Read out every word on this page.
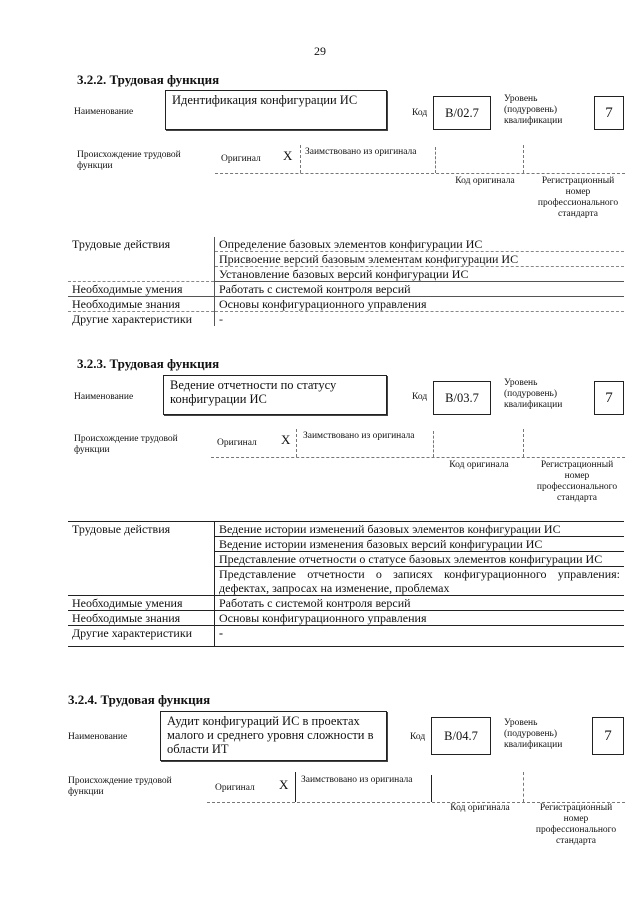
29
3.2.2. Трудовая функция
Наименование
Идентификация конфигурации ИС
Код B/02.7
Уровень (подуровень) квалификации
7
Происхождение трудовой функции
Оригинал X Заимствовано из оригинала
Код оригинала	Регистрационный номер профессионального стандарта
Трудовые действия	Определение базовых элементов конфигурации ИС
	Присвоение версий базовым элементам конфигурации ИС
	Установление базовых версий конфигурации ИС
Необходимые умения	Работать с системой контроля версий
Необходимые знания	Основы конфигурационного управления
Другие характеристики	-
3.2.3. Трудовая функция
Наименование
Ведение отчетности по статусу конфигурации ИС	Код B/03.7
Уровень (подуровень) квалификации	7
Происхождение трудовой функции
Оригинал X Заимствовано из оригинала
Код оригинала	Регистрационный номер профессионального стандарта
Трудовые действия	Ведение истории изменений базовых элементов конфигурации ИС
	Ведение истории изменения базовых версий конфигурации ИС
	Представление отчетности о статусе базовых элементов конфигурации ИС
	Представление отчетности о записях конфигурационного управления: дефектах, запросах на изменение, проблемах
Необходимые умения	Работать с системой контроля версий
Необходимые знания	Основы конфигурационного управления
Другие характеристики	-
3.2.4. Трудовая функция
Наименование
Аудит конфигураций ИС в проектах малого и среднего уровня сложности в области ИТ
Код B/04.7
Уровень (подуровень) квалификации
7
Происхождение трудовой функции	Оригинал X Заимствовано из оригинала
Код оригинала	Регистрационный номер профессионального стандарта
